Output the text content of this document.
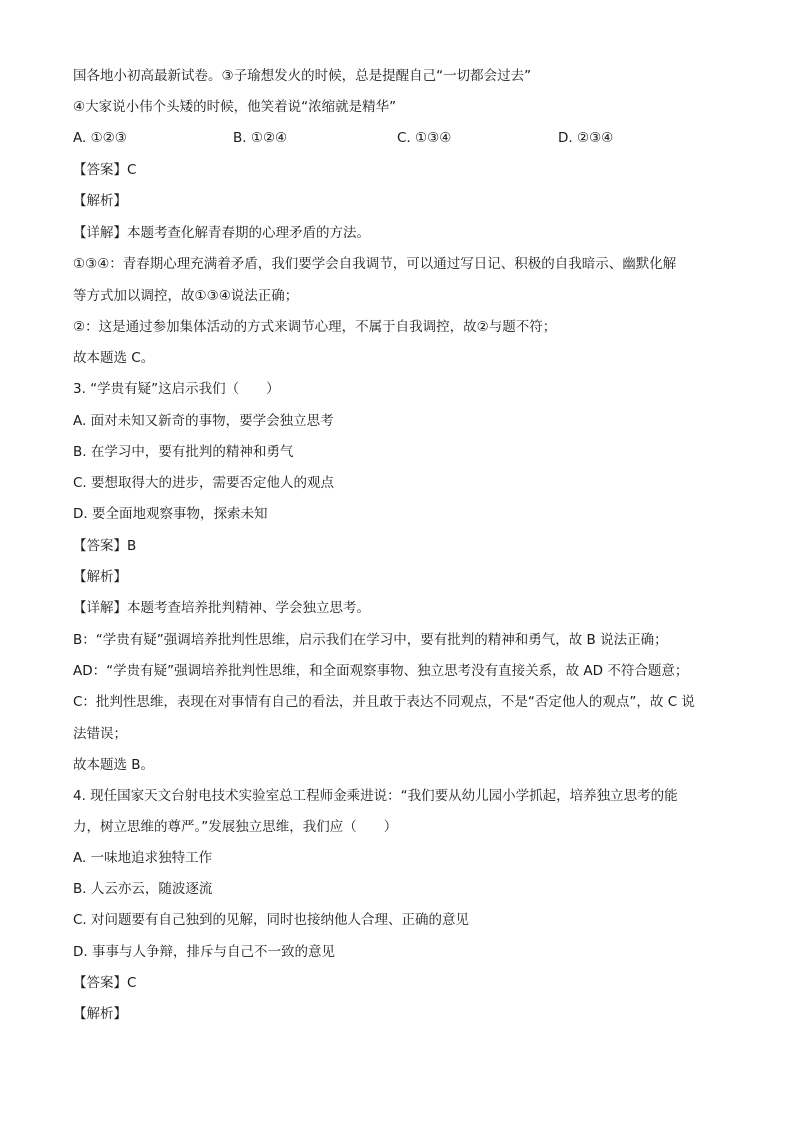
国各地小初高最新试卷。③子瑜想发火的时候，总是提醒自己“一切都会过去”
④大家说小伟个头矮的时候，他笑着说“浓缩就是精华”
A. ①②③	B. ①②④	C. ①③④	D. ②③④
【答案】C
【解析】
【详解】本题考查化解青春期的心理矛盾的方法。
①③④：青春期心理充满着矛盾，我们要学会自我调节，可以通过写日记、积极的自我暗示、幽默化解
等方式加以调控，故①③④说法正确；
②：这是通过参加集体活动的方式来调节心理，不属于自我调控，故②与题不符；
故本题选 C。
3. “学贵有疑”这启示我们（　　）
A. 面对未知又新奇的事物，要学会独立思考
B. 在学习中，要有批判的精神和勇气
C. 要想取得大的进步，需要否定他人的观点
D. 要全面地观察事物，探索未知
【答案】B
【解析】
【详解】本题考查培养批判精神、学会独立思考。
B：“学贵有疑”强调培养批判性思维，启示我们在学习中，要有批判的精神和勇气，故 B 说法正确；
AD：“学贵有疑”强调培养批判性思维，和全面观察事物、独立思考没有直接关系，故 AD 不符合题意；
C：批判性思维，表现在对事情有自己的看法，并且敢于表达不同观点，不是“否定他人的观点”，故 C 说
法错误；
故本题选 B。
4. 现任国家天文台射电技术实验室总工程师金乘进说：“我们要从幼儿园小学抓起，培养独立思考的能
力，树立思维的尊严。”发展独立思维，我们应（　　）
A. 一味地追求独特工作
B. 人云亦云，随波逐流
C. 对问题要有自己独到的见解，同时也接纳他人合理、正确的意见
D. 事事与人争辩，排斥与自己不一致的意见
【答案】C
【解析】
